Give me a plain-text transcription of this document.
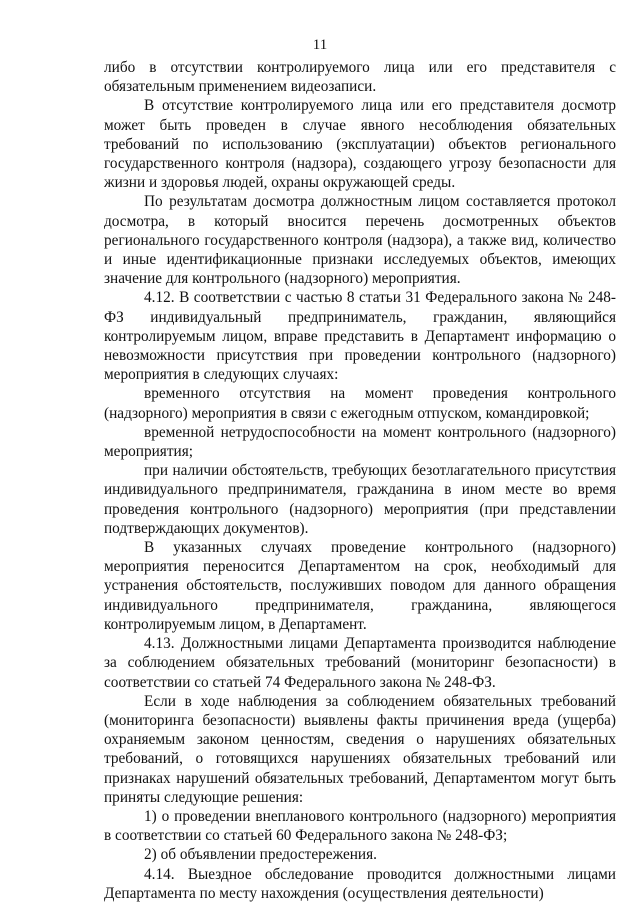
11

либо в отсутствии контролируемого лица или его представителя с обязательным применением видеозаписи.

В отсутствие контролируемого лица или его представителя досмотр может быть проведен в случае явного несоблюдения обязательных требований по использованию (эксплуатации) объектов регионального государственного контроля (надзора), создающего угрозу безопасности для жизни и здоровья людей, охраны окружающей среды.

По результатам досмотра должностным лицом составляется протокол досмотра, в который вносится перечень досмотренных объектов регионального государственного контроля (надзора), а также вид, количество и иные идентификационные признаки исследуемых объектов, имеющих значение для контрольного (надзорного) мероприятия.

4.12. В соответствии с частью 8 статьи 31 Федерального закона № 248-ФЗ индивидуальный предприниматель, гражданин, являющийся контролируемым лицом, вправе представить в Департамент информацию о невозможности присутствия при проведении контрольного (надзорного) мероприятия в следующих случаях:

временного отсутствия на момент проведения контрольного (надзорного) мероприятия в связи с ежегодным отпуском, командировкой;

временной нетрудоспособности на момент контрольного (надзорного) мероприятия;

при наличии обстоятельств, требующих безотлагательного присутствия индивидуального предпринимателя, гражданина в ином месте во время проведения контрольного (надзорного) мероприятия (при представлении подтверждающих документов).

В указанных случаях проведение контрольного (надзорного) мероприятия переносится Департаментом на срок, необходимый для устранения обстоятельств, послуживших поводом для данного обращения индивидуального предпринимателя, гражданина, являющегося контролируемым лицом, в Департамент.

4.13. Должностными лицами Департамента производится наблюдение за соблюдением обязательных требований (мониторинг безопасности) в соответствии со статьей 74 Федерального закона № 248-ФЗ.

Если в ходе наблюдения за соблюдением обязательных требований (мониторинга безопасности) выявлены факты причинения вреда (ущерба) охраняемым законом ценностям, сведения о нарушениях обязательных требований, о готовящихся нарушениях обязательных требований или признаках нарушений обязательных требований, Департаментом могут быть приняты следующие решения:

1) о проведении внепланового контрольного (надзорного) мероприятия в соответствии со статьей 60 Федерального закона № 248-ФЗ;

2) об объявлении предостережения.

4.14. Выездное обследование проводится должностными лицами Департамента по месту нахождения (осуществления деятельности)
